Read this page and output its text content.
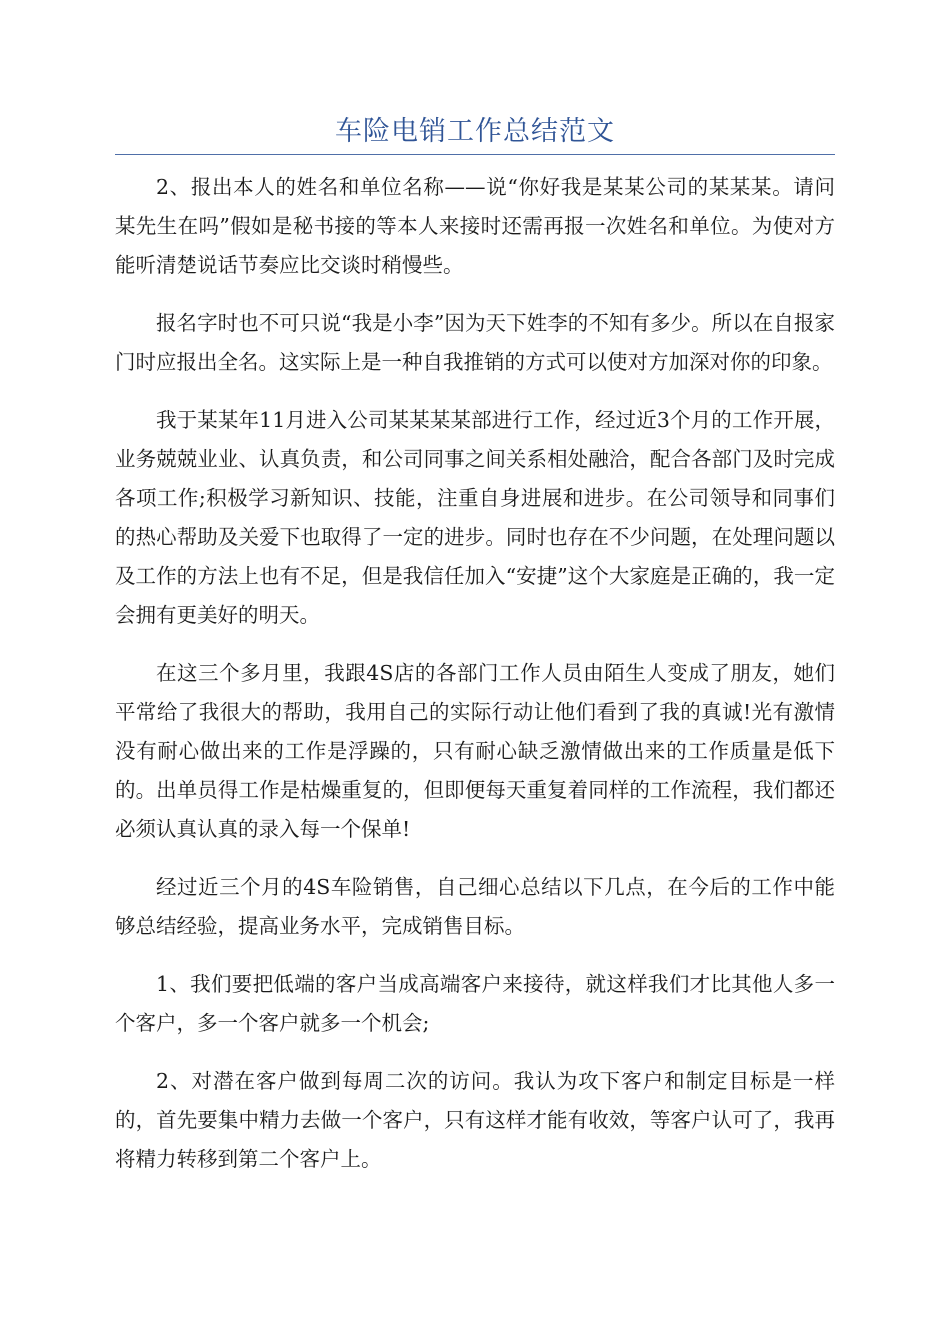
车险电销工作总结范文

2、报出本人的姓名和单位名称——说“你好我是某某公司的某某某。请问某先生在吗”假如是秘书接的等本人来接时还需再报一次姓名和单位。为使对方能听清楚说话节奏应比交谈时稍慢些。

报名字时也不可只说“我是小李”因为天下姓李的不知有多少。所以在自报家门时应报出全名。这实际上是一种自我推销的方式可以使对方加深对你的印象。

我于某某年11月进入公司某某某某部进行工作，经过近3个月的工作开展，业务兢兢业业、认真负责，和公司同事之间关系相处融洽，配合各部门及时完成各项工作;积极学习新知识、技能，注重自身进展和进步。在公司领导和同事们的热心帮助及关爱下也取得了一定的进步。同时也存在不少问题，在处理问题以及工作的方法上也有不足，但是我信任加入“安捷”这个大家庭是正确的，我一定会拥有更美好的明天。

在这三个多月里，我跟4S店的各部门工作人员由陌生人变成了朋友，她们平常给了我很大的帮助，我用自己的实际行动让他们看到了我的真诚!光有激情没有耐心做出来的工作是浮躁的，只有耐心缺乏激情做出来的工作质量是低下的。出单员得工作是枯燥重复的，但即便每天重复着同样的工作流程，我们都还必须认真认真的录入每一个保单!

经过近三个月的4S车险销售，自己细心总结以下几点，在今后的工作中能够总结经验，提高业务水平，完成销售目标。

1、我们要把低端的客户当成高端客户来接待，就这样我们才比其他人多一个客户，多一个客户就多一个机会;

2、对潜在客户做到每周二次的访问。我认为攻下客户和制定目标是一样的，首先要集中精力去做一个客户，只有这样才能有收效，等客户认可了，我再将精力转移到第二个客户上。
